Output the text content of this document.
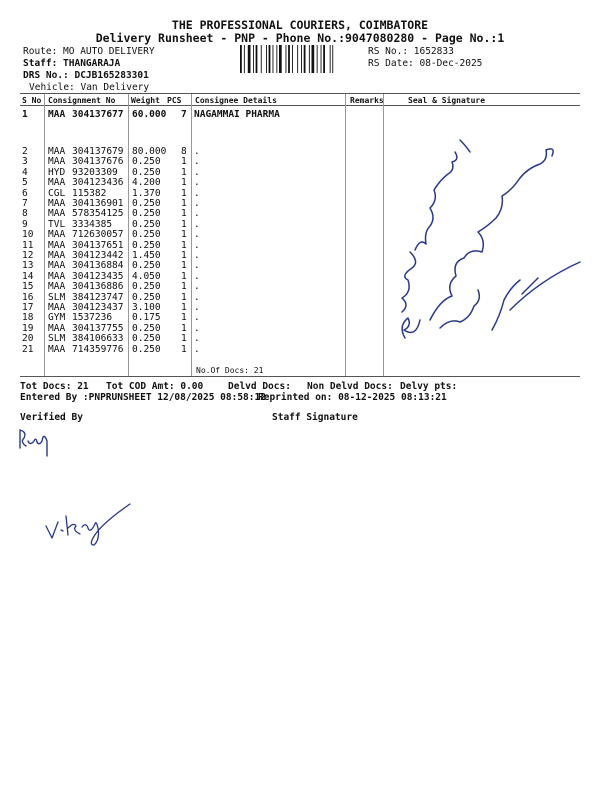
THE PROFESSIONAL COURIERS, COIMBATORE
Delivery Runsheet - PNP - Phone No.:9047080280 - Page No.:1
Route: MO AUTO DELIVERY
Staff: THANGARAJA
DRS No.: DCJB165283301
Vehicle: Van Delivery
RS No.: 1652833
RS Date: 08-Dec-2025
S No Consignment No Weight PCS Consignee Details	Remarks	Seal & Signature
1 MAA 304137677 60.000 7 NAGAMMAI PHARMA
2 MAA 304137679 80.000 8 .
3 MAA 304137676 0.250 1 .
4 HYD 93203309 0.250 1 .
5 MAA 304123436 4.200 1 .
6 CGL 115382	1.370 1 .
7 MAA 304136901 0.250 1 .
8 MAA 578354125 0.250 1 .
9 TVL 3334385 0.250 1 .
10 MAA 712630057 0.250 1 .
11 MAA 304137651 0.250 1 .
12 MAA 304123442 1.450 1 .
13 MAA 304136884 0.250 1 .
14 MAA 304123435 4.050 1 .
15 MAA 304136886 0.250 1 .
16 SLM 384123747 0.250 1 .
17 MAA 304123437 3.100 1 .
18 GYM 1537236 0.175 1 .
19 MAA 304137755 0.250 1 .
20 SLM 384106633 0.250 1 .
21 MAA 714359776 0.250 1 .
No.Of Docs: 21
Tot Docs: 21 Tot COD Amt: 0.00	Delvd Docs: Non Delvd Docs: Delvy pts:
Entered By :PNPRUNSHEET 12/08/2025 08:58:12
Reprinted on: 08-12-2025 08:13:21
Verified By	Staff Signature
